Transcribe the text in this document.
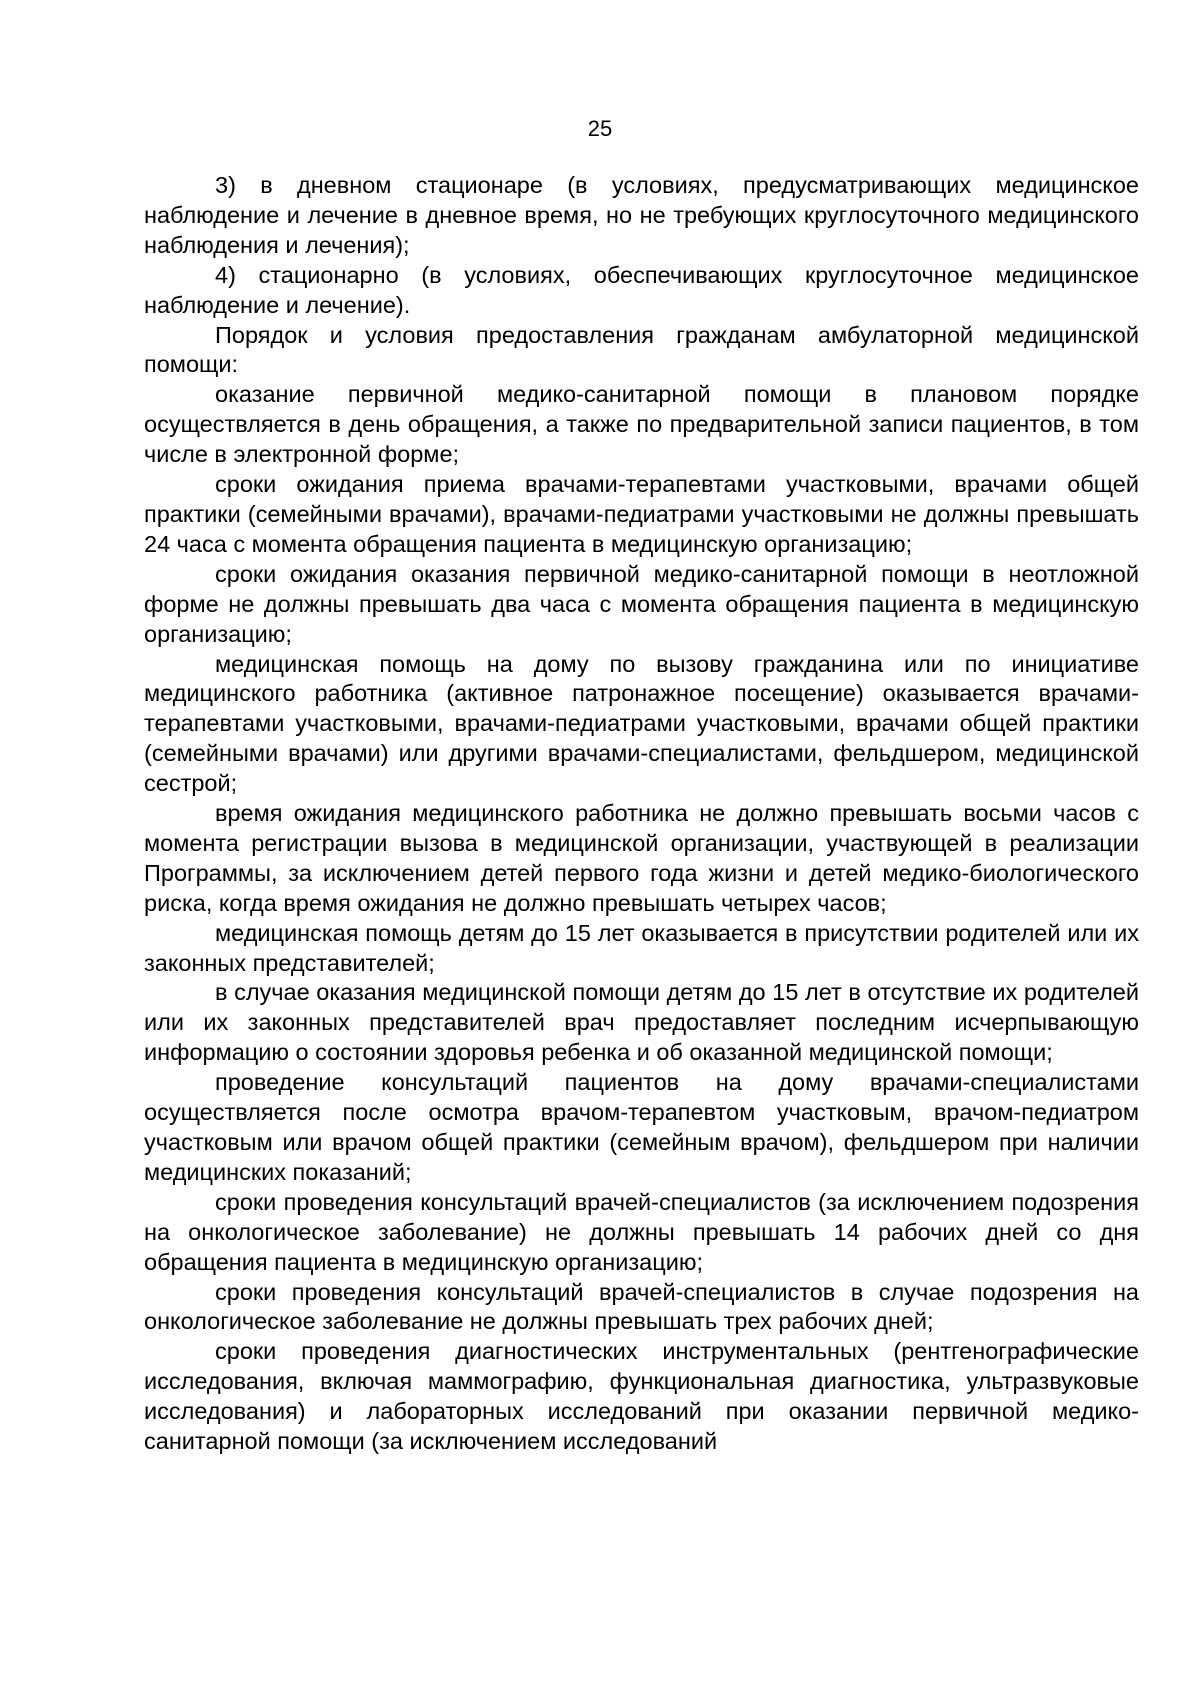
25

3) в дневном стационаре (в условиях, предусматривающих медицинское наблюдение и лечение в дневное время, но не требующих круглосуточного медицинского наблюдения и лечения);

4) стационарно (в условиях, обеспечивающих круглосуточное медицинское наблюдение и лечение).

Порядок и условия предоставления гражданам амбулаторной медицинской помощи:

оказание первичной медико-санитарной помощи в плановом порядке осуществляется в день обращения, а также по предварительной записи пациентов, в том числе в электронной форме;

сроки ожидания приема врачами-терапевтами участковыми, врачами общей практики (семейными врачами), врачами-педиатрами участковыми не должны превышать 24 часа с момента обращения пациента в медицинскую организацию;

сроки ожидания оказания первичной медико-санитарной помощи в неотложной форме не должны превышать два часа с момента обращения пациента в медицинскую организацию;

медицинская помощь на дому по вызову гражданина или по инициативе медицинского работника (активное патронажное посещение) оказывается врачами-терапевтами участковыми, врачами-педиатрами участковыми, врачами общей практики (семейными врачами) или другими врачами-специалистами, фельдшером, медицинской сестрой;

время ожидания медицинского работника не должно превышать восьми часов с момента регистрации вызова в медицинской организации, участвующей в реализации Программы, за исключением детей первого года жизни и детей медико-биологического риска, когда время ожидания не должно превышать четырех часов;

медицинская помощь детям до 15 лет оказывается в присутствии родителей или их законных представителей;

в случае оказания медицинской помощи детям до 15 лет в отсутствие их родителей или их законных представителей врач предоставляет последним исчерпывающую информацию о состоянии здоровья ребенка и об оказанной медицинской помощи;

проведение консультаций пациентов на дому врачами-специалистами осуществляется после осмотра врачом-терапевтом участковым, врачом-педиатром участковым или врачом общей практики (семейным врачом), фельдшером при наличии медицинских показаний;

сроки проведения консультаций врачей-специалистов (за исключением подозрения на онкологическое заболевание) не должны превышать 14 рабочих дней со дня обращения пациента в медицинскую организацию;

сроки проведения консультаций врачей-специалистов в случае подозрения на онкологическое заболевание не должны превышать трех рабочих дней;

сроки проведения диагностических инструментальных (рентгенографические исследования, включая маммографию, функциональная диагностика, ультразвуковые исследования) и лабораторных исследований при оказании первичной медико-санитарной помощи (за исключением исследований
